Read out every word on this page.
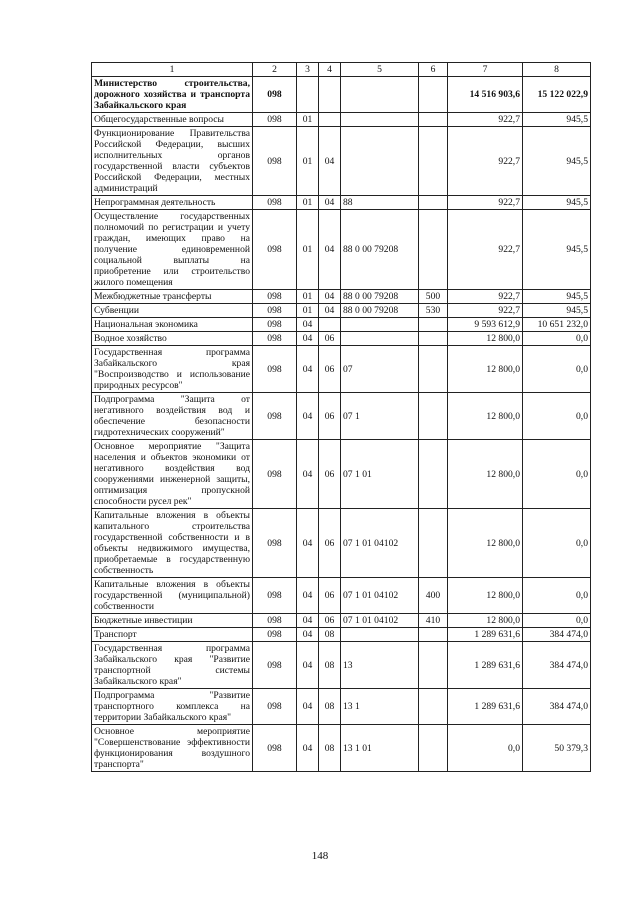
1	2	3	4	5	6	7	8
Министерство строительства, дорожного хозяйства и транспорта Забайкальского края	098					14 516 903,6	15 122 022,9
Общегосударственные вопросы	098	01				922,7	945,5
Функционирование Правительства Российской Федерации, высших исполнительных органов государственной власти субъектов Российской Федерации, местных администраций	098	01	04			922,7	945,5
Непрограммная деятельность	098	01	04	88		922,7	945,5
Осуществление государственных полномочий по регистрации и учету граждан, имеющих право на получение единовременной социальной выплаты на приобретение или строительство жилого помещения	098	01	04	88 0 00 79208		922,7	945,5
Межбюджетные трансферты	098	01	04	88 0 00 79208	500	922,7	945,5
Субвенции	098	01	04	88 0 00 79208	530	922,7	945,5
Национальная экономика	098	04				9 593 612,9	10 651 232,0
Водное хозяйство	098	04	06			12 800,0	0,0
Государственная программа Забайкальского края "Воспроизводство и использование природных ресурсов"	098	04	06	07		12 800,0	0,0
Подпрограмма "Защита от негативного воздействия вод и обеспечение безопасности гидротехнических сооружений"	098	04	06	07 1		12 800,0	0,0
Основное мероприятие "Защита населения и объектов экономики от негативного воздействия вод сооружениями инженерной защиты, оптимизация пропускной способности русел рек"	098	04	06	07 1 01		12 800,0	0,0
Капитальные вложения в объекты капитального строительства государственной собственности и в объекты недвижимого имущества, приобретаемые в государственную собственность	098	04	06	07 1 01 04102		12 800,0	0,0
Капитальные вложения в объекты государственной (муниципальной) собственности	098	04	06	07 1 01 04102	400	12 800,0	0,0
Бюджетные инвестиции	098	04	06	07 1 01 04102	410	12 800,0	0,0
Транспорт	098	04	08			1 289 631,6	384 474,0
Государственная программа Забайкальского края "Развитие транспортной системы Забайкальского края"	098	04	08	13		1 289 631,6	384 474,0
Подпрограмма "Развитие транспортного комплекса на территории Забайкальского края"	098	04	08	13 1		1 289 631,6	384 474,0
Основное мероприятие "Совершенствование эффективности функционирования воздушного транспорта"	098	04	08	13 1 01		0,0	50 379,3
148
